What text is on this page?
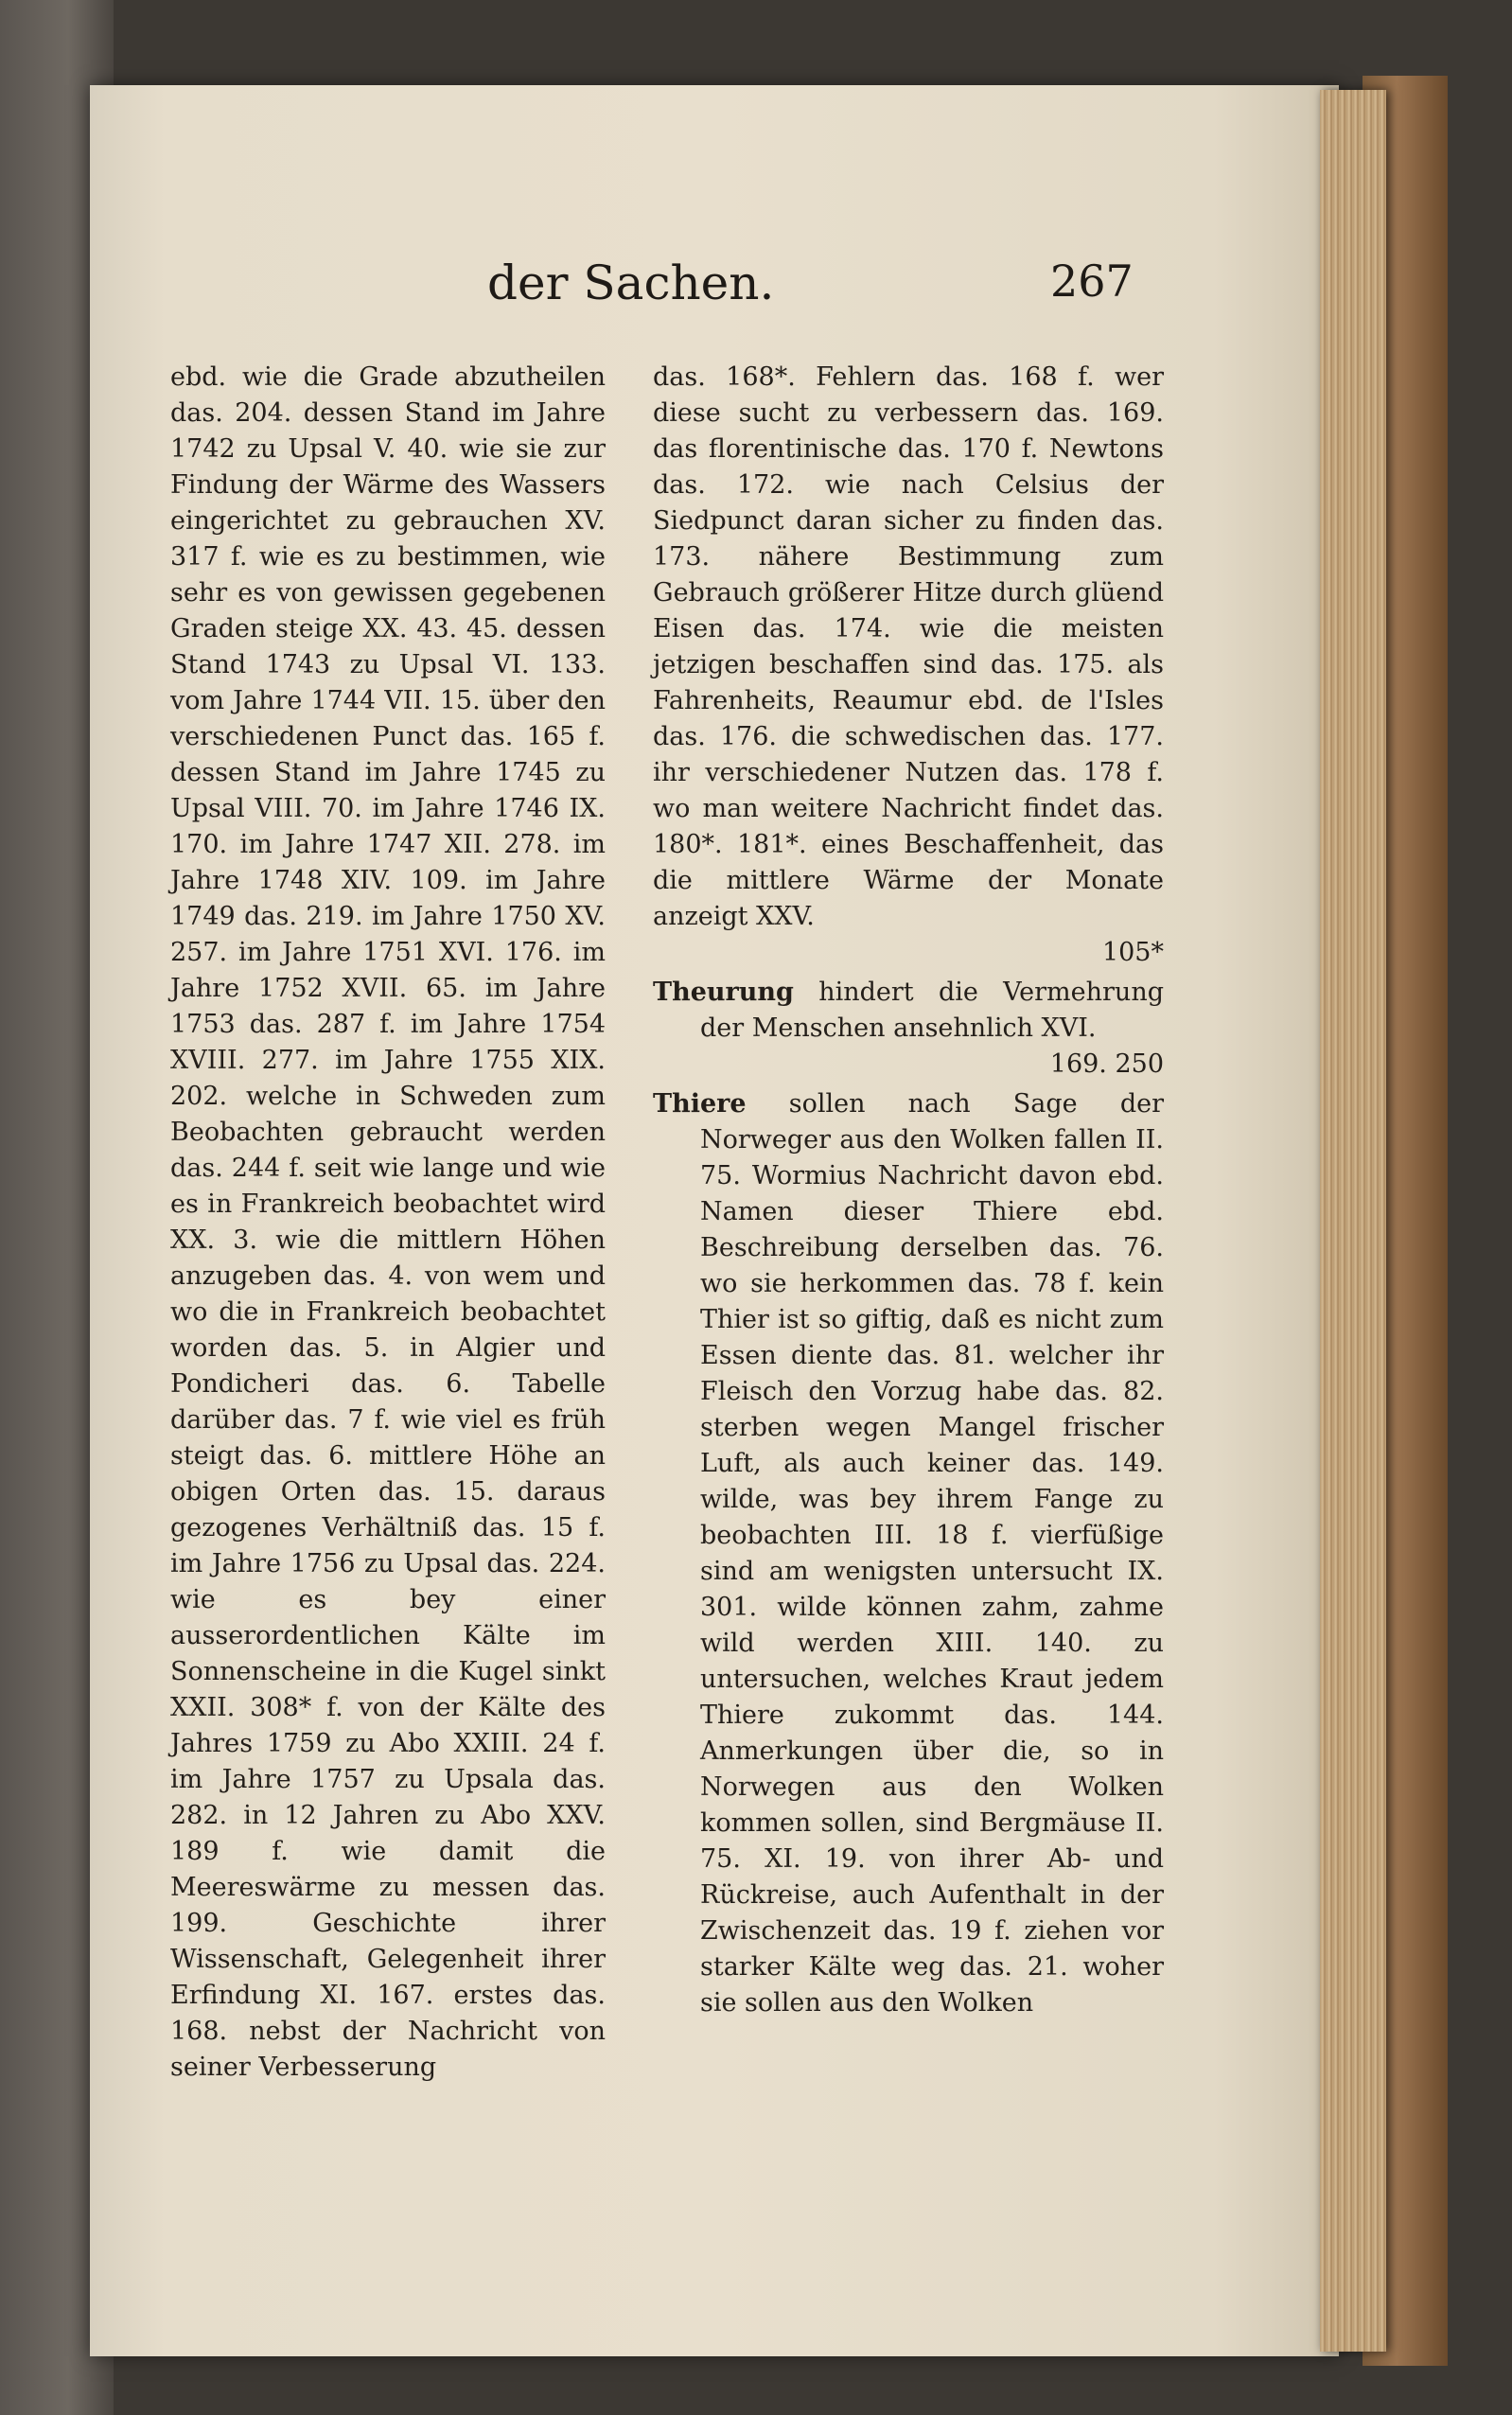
der Sachen.	267

ebd. wie die Grade abzutheilen das. 204. dessen Stand im Jahre 1742 zu Upsal V. 40. wie sie zur Findung der Wärme des Wassers eingerichtet zu gebrauchen XV. 317 f. wie es zu bestimmen, wie sehr es von gewissen gegebenen Graden steige XX. 43. 45. dessen Stand 1743 zu Upsal VI. 133. vom Jahre 1744 VII. 15. über den verschiedenen Punct das. 165 f. dessen Stand im Jahre 1745 zu Upsal VIII. 70. im Jahre 1746 IX. 170. im Jahre 1747 XII. 278. im Jahre 1748 XIV. 109. im Jahre 1749 das. 219. im Jahre 1750 XV. 257. im Jahre 1751 XVI. 176. im Jahre 1752 XVII. 65. im Jahre 1753 das. 287 f. im Jahre 1754 XVIII. 277. im Jahre 1755 XIX. 202. welche in Schweden zum Beobachten gebraucht werden das. 244 f. seit wie lange und wie es in Frankreich beobachtet wird XX. 3. wie die mittlern Höhen anzugeben das. 4. von wem und wo die in Frankreich beobachtet worden das. 5. in Algier und Pondicheri das. 6. Tabelle darüber das. 7 f. wie viel es früh steigt das. 6. mittlere Höhe an obigen Orten das. 15. daraus gezogenes Verhältniß das. 15 f. im Jahre 1756 zu Upsal das. 224. wie es bey einer ausserordentlichen Kälte im Sonnenscheine in die Kugel sinkt XXII. 308* f. von der Kälte des Jahres 1759 zu Abo XXIII. 24 f. im Jahre 1757 zu Upsala das. 282. in 12 Jahren zu Abo XXV. 189 f. wie damit die Meereswärme zu messen das. 199. Geschichte ihrer Wissenschaft, Gelegenheit ihrer Erfindung XI. 167. erstes das. 168. nebst der Nachricht von seiner Verbesserung

das. 168*. Fehlern das. 168 f. wer diese sucht zu verbessern das. 169. das florentinische das. 170 f. Newtons das. 172. wie nach Celsius der Siedpunct daran sicher zu finden das. 173. nähere Bestimmung zum Gebrauch größerer Hitze durch glüend Eisen das. 174. wie die meisten jetzigen beschaffen sind das. 175. als Fahrenheits, Reaumur ebd. de l'Isles das. 176. die schwedischen das. 177. ihr verschiedener Nutzen das. 178 f. wo man weitere Nachricht findet das. 180*. 181*. eines Beschaffenheit, das die mittlere Wärme der Monate anzeigt XXV.
105*

Theurung hindert die Vermehrung der Menschen ansehnlich XVI.
169. 250

Thiere sollen nach Sage der Norweger aus den Wolken fallen II. 75. Wormius Nachricht davon ebd. Namen dieser Thiere ebd. Beschreibung derselben das. 76. wo sie herkommen das. 78 f. kein Thier ist so giftig, daß es nicht zum Essen diente das. 81. welcher ihr Fleisch den Vorzug habe das. 82. sterben wegen Mangel frischer Luft, als auch keiner das. 149. wilde, was bey ihrem Fange zu beobachten III. 18 f. vierfüßige sind am wenigsten untersucht IX. 301. wilde können zahm, zahme wild werden XIII. 140. zu untersuchen, welches Kraut jedem Thiere zukommt das. 144. Anmerkungen über die, so in Norwegen aus den Wolken kommen sollen, sind Bergmäuse II. 75. XI. 19. von ihrer Ab- und Rückreise, auch Aufenthalt in der Zwischenzeit das. 19 f. ziehen vor starker Kälte weg das. 21. woher sie sollen aus den Wolken
